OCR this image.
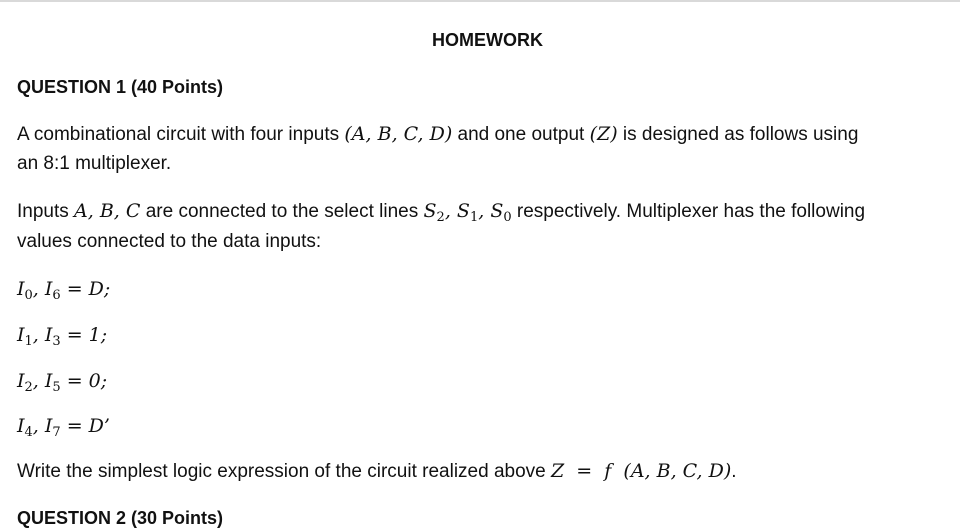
HOMEWORK
QUESTION 1 (40 Points)
A combinational circuit with four inputs (A, B, C, D) and one output (Z) is designed as follows using
an 8:1 multiplexer.
Inputs A, B, C are connected to the select lines $S_2$, $S_1$, $S_0$ respectively. Multiplexer has the following
values connected to the data inputs:
$I_0$, $I_6 = D$;
$I_1$, $I_3 = 1$;
$I_2$, $I_5 = 0$;
$I_4$, $I_7 = D$’
Write the simplest logic expression of the circuit realized above Z  =  f  (A, B, C, D).
QUESTION 2 (30 Points)
